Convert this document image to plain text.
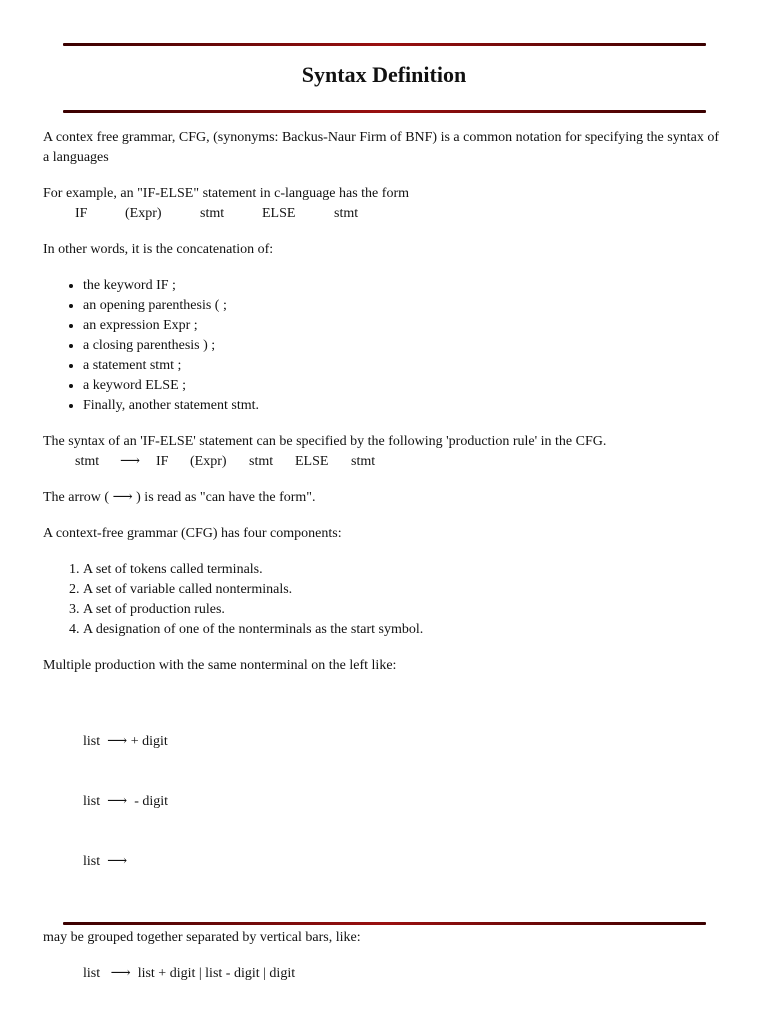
Syntax Definition

A contex free grammar, CFG, (synonyms: Backus-Naur Firm of BNF) is a common notation for specifying the syntax of a languages

For example, an "IF-ELSE" statement in c-language has the form
IF	(Expr)	stmt	ELSE	stmt

In other words, it is the concatenation of:

• the keyword IF ;
• an opening parenthesis ( ;
• an expression Expr ;
• a closing parenthesis ) ;
• a statement stmt ;
• a keyword ELSE ;
• Finally, another statement stmt.
The syntax of an 'IF-ELSE' statement can be specified by the following 'production rule' in the CFG.
stmt	⟶	IF	(Expr)	stmt	ELSE	stmt

The arrow ( ⟶ ) is read as "can have the form".

A context-free grammar (CFG) has four components:

1. A set of tokens called terminals.
2. A set of variable called nonterminals.
3. A set of production rules.
4. A designation of one of the nonterminals as the start symbol.

Multiple production with the same nonterminal on the left like:

list  ⟶ + digit

list  ⟶  - digit

list  ⟶

may be grouped together separated by vertical bars, like:

list   ⟶  list + digit | list - digit | digit
